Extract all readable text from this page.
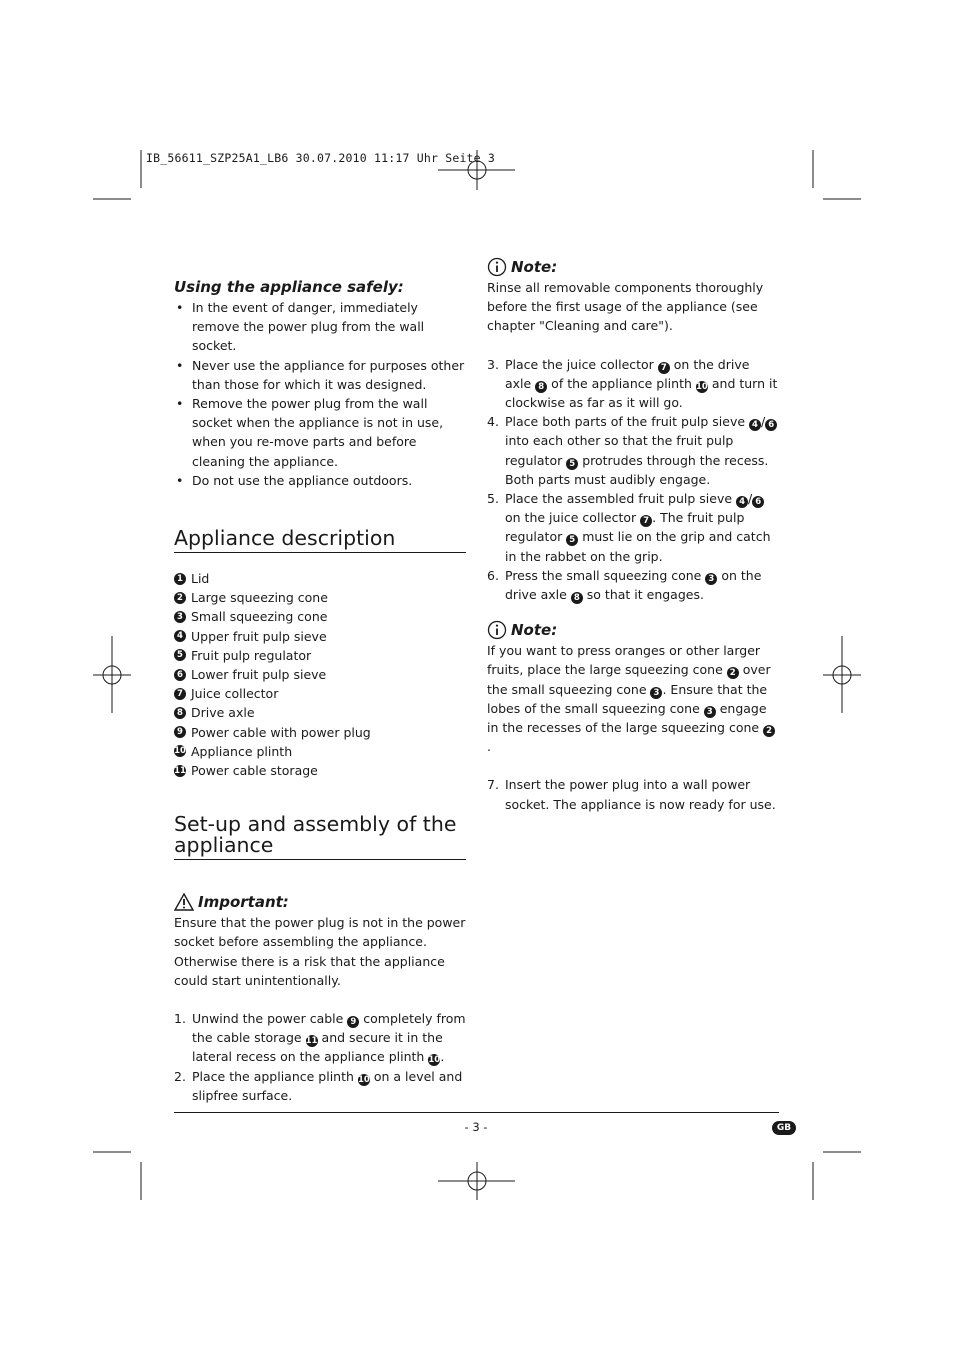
IB_56611_SZP25A1_LB6 30.07.2010 11:17 Uhr Seite 3
Using the appliance safely:
• In the event of danger, immediately remove the power plug from the wall socket.
• Never use the appliance for purposes other than those for which it was designed.
• Remove the power plug from the wall socket when the appliance is not in use, when you re-move parts and before cleaning the appliance.
• Do not use the appliance outdoors.
Appliance description
1 Lid
2 Large squeezing cone
3 Small squeezing cone
4 Upper fruit pulp sieve
5 Fruit pulp regulator
6 Lower fruit pulp sieve
7 Juice collector
8 Drive axle
9 Power cable with power plug
10 Appliance plinth
11 Power cable storage
Set-up and assembly of the
appliance
Important:

Ensure that the power plug is not in the power socket before assembling the appliance. Otherwise there is a risk that the appliance could start unintentionally.

1. Unwind the power cable 9 completely from the cable storage 11 and secure it in the lateral recess on the appliance plinth 10.
2. Place the appliance plinth 10 on a level and slipfree surface.
Note:

Rinse all removable components thoroughly before the first usage of the appliance (see chapter "Cleaning and care").

3. Place the juice collector 7 on the drive axle 8 of the appliance plinth 10 and turn it clockwise as far as it will go.
4. Place both parts of the fruit pulp sieve 4 / 6 into each other so that the fruit pulp regulator 5 protrudes through the recess. Both parts must audibly engage.
5. Place the assembled fruit pulp sieve 4 / 6 on the juice collector 7 . The fruit pulp regulator 5 must lie on the grip and catch in the rabbet on the grip.
6. Press the small squeezing cone 3 on the drive axle 8 so that it engages.
Note:

If you want to press oranges or other larger fruits, place the large squeezing cone 2 over the small squeezing cone 3 . Ensure that the lobes of the small squeezing cone 3 engage in the recesses of the large squeezing cone 2.

7. Insert the power plug into a wall power socket. The appliance is now ready for use.
- 3 -	GB
